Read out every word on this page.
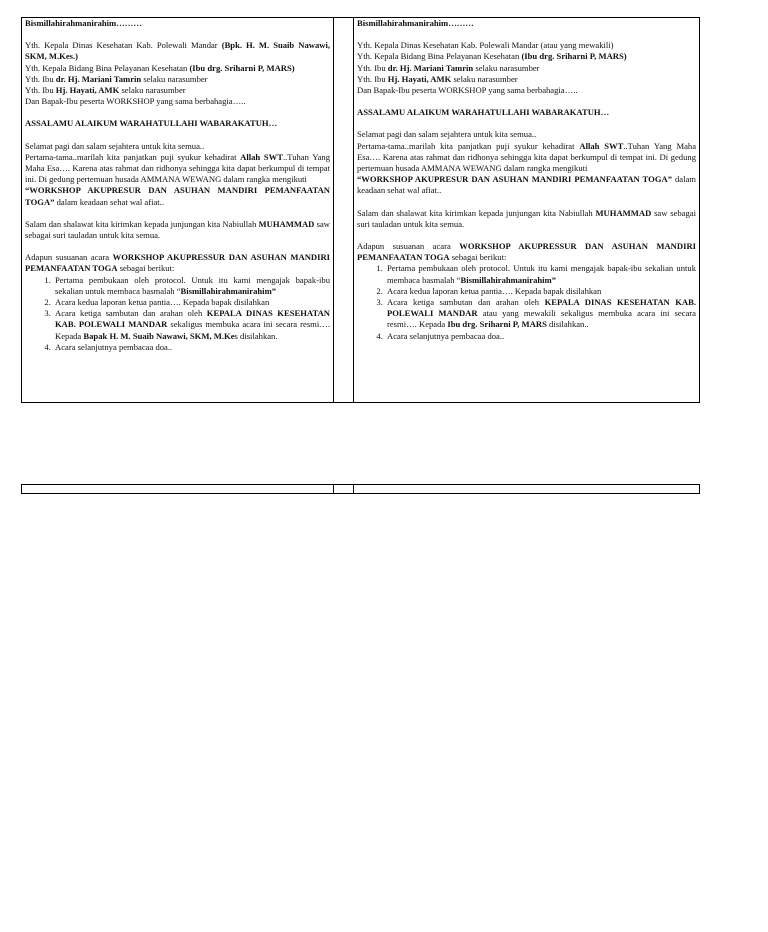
Bismillahirahmanirahim………

Yth. Kepala Dinas Kesehatan Kab. Polewali Mandar (Bpk. H. M. Suaib Nawawi, SKM, M.Kes.)

Yth. Kepala Bidang Bina Pelayanan Kesehatan (Ibu drg. Sriharni P, MARS)

Yth. Ibu dr. Hj. Mariani Tamrin selaku narasumber

Yth. Ibu Hj. Hayati, AMK selaku narasumber

Dan Bapak-Ibu peserta WORKSHOP yang sama berbahagia…..

ASSALAMU ALAIKUM WARAHATULLAHI WABARAKATUH…

Selamat pagi dan salam sejahtera untuk kita semua..

Pertama-tama..marilah kita panjatkan puji syukur kehadirat Allah SWT..Tuhan Yang Maha Esa…. Karena atas rahmat dan ridhonya sehingga kita dapat berkumpul di tempat ini. Di gedung pertemuan husada AMMANA WEWANG dalam rangka mengikuti

“WORKSHOP AKUPRESUR DAN ASUHAN MANDIRI PEMANFAATAN TOGA” dalam keadaan sehat wal afiat..

Salam dan shalawat kita kirimkan kepada junjungan kita Nabiullah MUHAMMAD saw sebagai suri tauladan untuk kita semua.

Adapun susuanan acara WORKSHOP AKUPRESSUR DAN ASUHAN MANDIRI PEMANFAATAN TOGA sebagai berikut:

1. Pertama pembukaan oleh protocol. Untuk itu kami mengajak bapak-ibu sekalian untuk membaca basmalah “Bismillahirahmanirahim”
2. Acara kedua laporan ketua pantia…. Kepada bapak disilahkan
3. Acara ketiga sambutan dan arahan oleh KEPALA DINAS KESEHATAN KAB. POLEWALI MANDAR sekaligus membuka acara ini secara resmi…. Kepada Bapak H. M. Suaib Nawawi, SKM, M.Kes disilahkan.
4. Acara selanjutnya pembacaa doa..

Bismillahirahmanirahim………

Yth. Kepala Dinas Kesehatan Kab. Polewali Mandar (atau yang mewakili)

Yth. Kepala Bidang Bina Pelayanan Kesehatan (Ibu drg. Sriharni P, MARS)

Yth. Ibu dr. Hj. Mariani Tamrin selaku narasumber

Yth. Ibu Hj. Hayati, AMK selaku narasumber

Dan Bapak-Ibu peserta WORKSHOP yang sama berbahagia…..

ASSALAMU ALAIKUM WARAHATULLAHI WABARAKATUH…

Selamat pagi dan salam sejahtera untuk kita semua..

Pertama-tama..marilah kita panjatkan puji syukur kehadirat Allah SWT..Tuhan Yang Maha Esa…. Karena atas rahmat dan ridhonya sehingga kita dapat berkumpul di tempat ini. Di gedung pertemuan husada AMMANA WEWANG dalam rangka mengikuti

“WORKSHOP AKUPRESUR DAN ASUHAN MANDIRI PEMANFAATAN TOGA” dalam keadaan sehat wal afiat..

Salam dan shalawat kita kirimkan kepada junjungan kita Nabiullah MUHAMMAD saw sebagai suri tauladan untuk kita semua.

Adapun susuanan acara WORKSHOP AKUPRESSUR DAN ASUHAN MANDIRI PEMANFAATAN TOGA sebagai berikut:

1. Pertama pembukaan oleh protocol. Untuk itu kami mengajak bapak-ibu sekalian untuk membaca basmalah “Bismillahirahmanirahim”
2. Acara kedua laporan ketua pantia…. Kepada bapak disilahkan
3. Acara ketiga sambutan dan arahan oleh KEPALA DINAS KESEHATAN KAB. POLEWALI MANDAR atau yang mewakili sekaligus membuka acara ini secara resmi…. Kepada Ibu drg. Sriharni P, MARS disilahkan..
4. Acara selanjutnya pembacaa doa..
